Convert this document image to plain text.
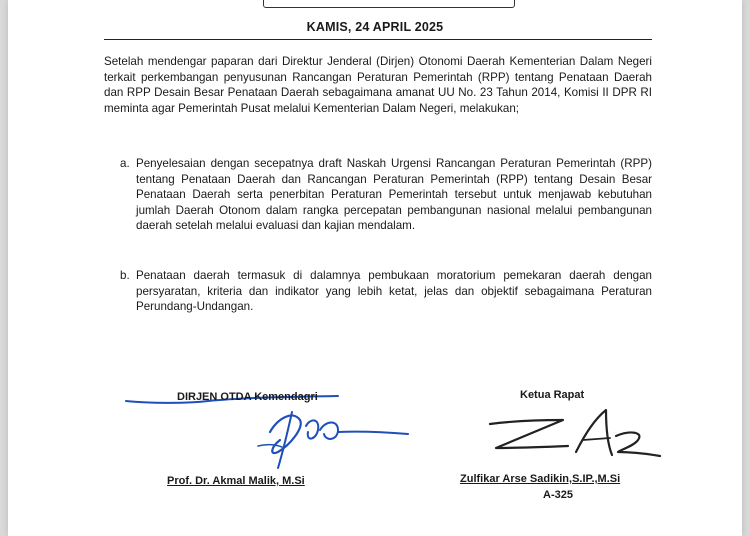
KAMIS, 24 APRIL 2025
Setelah mendengar paparan dari Direktur Jenderal (Dirjen) Otonomi Daerah Kementerian Dalam Negeri terkait perkembangan penyusunan Rancangan Peraturan Pemerintah (RPP) tentang Penataan Daerah dan RPP Desain Besar Penataan Daerah sebagaimana amanat UU No. 23 Tahun 2014, Komisi II DPR RI meminta agar Pemerintah Pusat melalui Kementerian Dalam Negeri, melakukan;
a. Penyelesaian dengan secepatnya draft Naskah Urgensi Rancangan Peraturan Pemerintah (RPP) tentang Penataan Daerah dan Rancangan Peraturan Pemerintah (RPP) tentang Desain Besar Penataan Daerah serta penerbitan Peraturan Pemerintah tersebut untuk menjawab kebutuhan jumlah Daerah Otonom dalam rangka percepatan pembangunan nasional melalui pembangunan daerah setelah melalui evaluasi dan kajian mendalam.
b. Penataan daerah termasuk di dalamnya pembukaan moratorium pemekaran daerah dengan persyaratan, kriteria dan indikator yang lebih ketat, jelas dan objektif sebagaimana Peraturan Perundang-Undangan.
DIRJEN OTDA Kemendagri
Prof. Dr. Akmal Malik, M.Si
Ketua Rapat
Zulfikar Arse Sadikin,S.IP.,M.Si
A-325
